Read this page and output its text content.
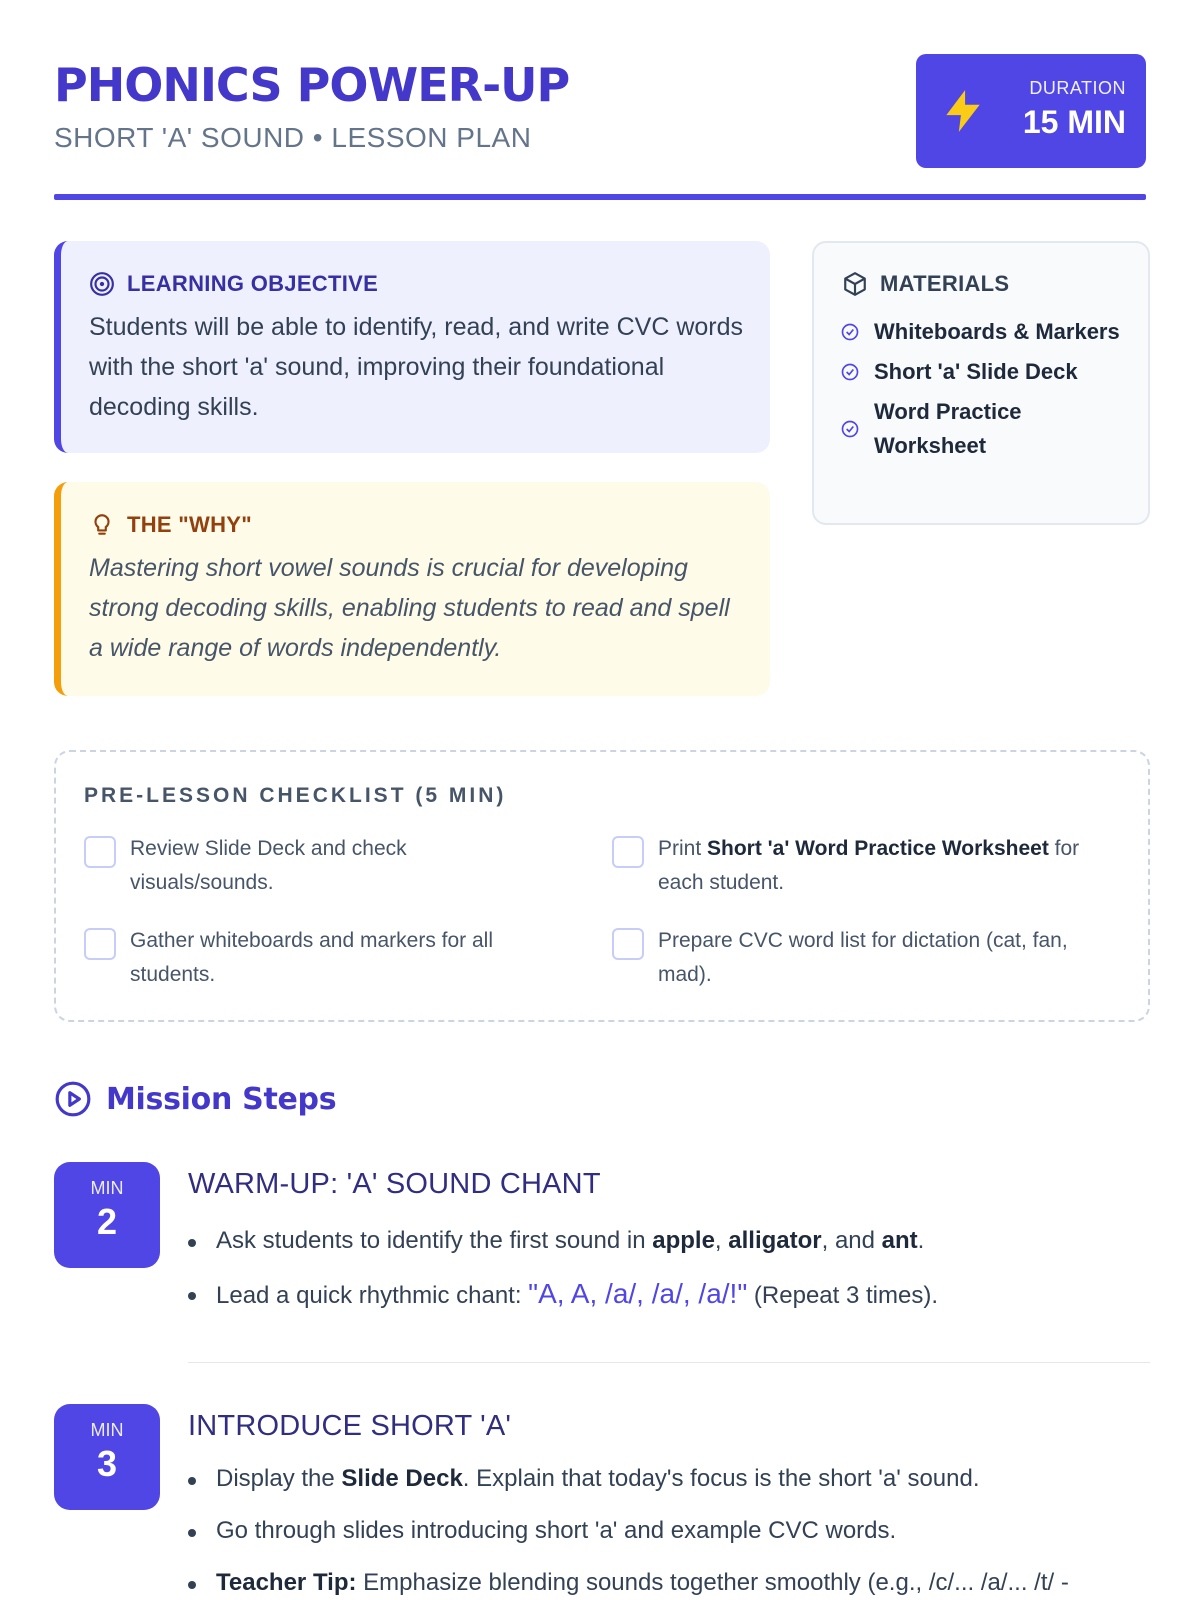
PHONICS POWER-UP
SHORT 'A' SOUND • LESSON PLAN
DURATION
15 MIN
LEARNING OBJECTIVE
Students will be able to identify, read, and write CVC words with the short 'a' sound, improving their foundational decoding skills.
THE "WHY"
Mastering short vowel sounds is crucial for developing strong decoding skills, enabling students to read and spell a wide range of words independently.
MATERIALS
Whiteboards & Markers
Short 'a' Slide Deck
Word Practice Worksheet
PRE-LESSON CHECKLIST (5 MIN)
Review Slide Deck and check visuals/sounds.
Print Short 'a' Word Practice Worksheet for each student.
Gather whiteboards and markers for all students.
Prepare CVC word list for dictation (cat, fan, mad).
Mission Steps
MIN
2
WARM-UP: 'A' SOUND CHANT
Ask students to identify the first sound in apple, alligator, and ant.
Lead a quick rhythmic chant: "A, A, /a/, /a/, /a/!" (Repeat 3 times).
MIN
3
INTRODUCE SHORT 'A'
Display the Slide Deck. Explain that today's focus is the short 'a' sound.
Go through slides introducing short 'a' and example CVC words.
Teacher Tip: Emphasize blending sounds together smoothly (e.g., /c/... /a/... /t/ -
